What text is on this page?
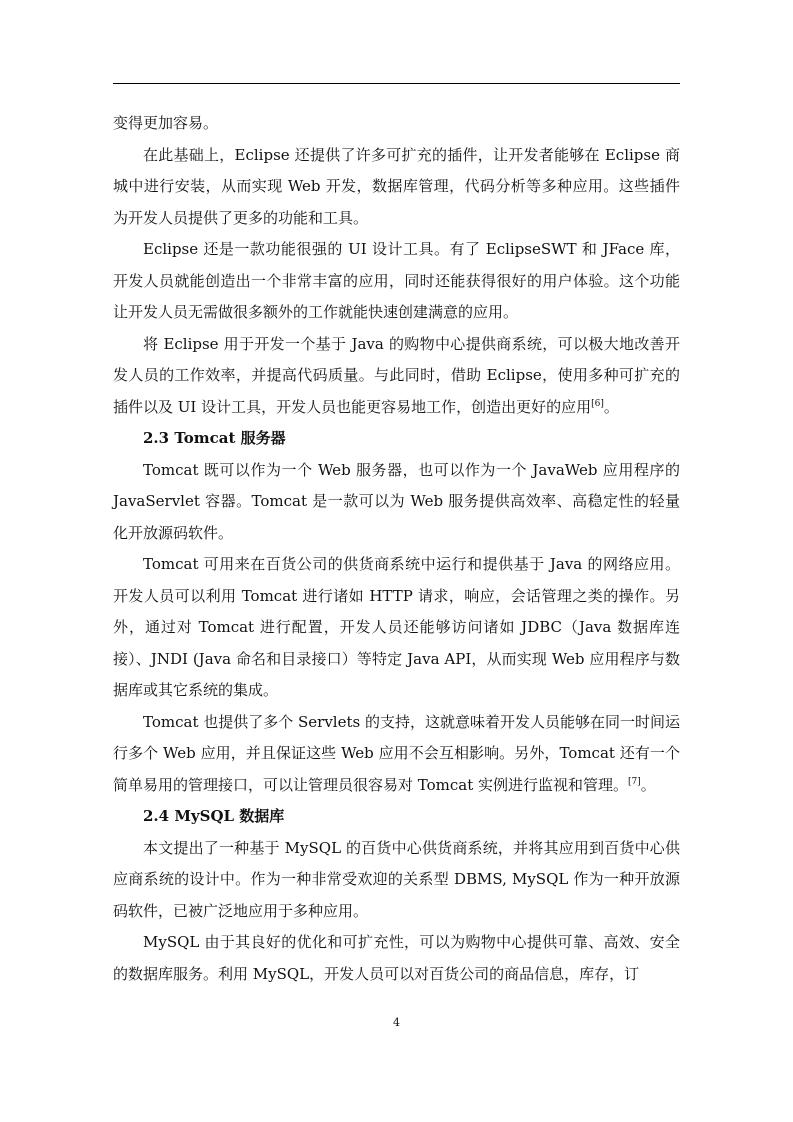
变得更加容易。

在此基础上，Eclipse 还提供了许多可扩充的插件，让开发者能够在 Eclipse 商城中进行安装，从而实现 Web 开发，数据库管理，代码分析等多种应用。这些插件为开发人员提供了更多的功能和工具。

Eclipse 还是一款功能很强的 UI 设计工具。有了 EclipseSWT 和 JFace 库，开发人员就能创造出一个非常丰富的应用，同时还能获得很好的用户体验。这个功能让开发人员无需做很多额外的工作就能快速创建满意的应用。

将 Eclipse 用于开发一个基于 Java 的购物中心提供商系统，可以极大地改善开发人员的工作效率，并提高代码质量。与此同时，借助 Eclipse，使用多种可扩充的插件以及 UI 设计工具，开发人员也能更容易地工作，创造出更好的应用[6]。

2.3 Tomcat 服务器

Tomcat 既可以作为一个 Web 服务器，也可以作为一个 JavaWeb 应用程序的 JavaServlet 容器。Tomcat 是一款可以为 Web 服务提供高效率、高稳定性的轻量化开放源码软件。

Tomcat 可用来在百货公司的供货商系统中运行和提供基于 Java 的网络应用。开发人员可以利用 Tomcat 进行诸如 HTTP 请求，响应，会话管理之类的操作。另外，通过对 Tomcat 进行配置，开发人员还能够访问诸如 JDBC（Java 数据库连接）、JNDI (Java 命名和目录接口）等特定 Java API，从而实现 Web 应用程序与数据库或其它系统的集成。

Tomcat 也提供了多个 Servlets 的支持，这就意味着开发人员能够在同一时间运行多个 Web 应用，并且保证这些 Web 应用不会互相影响。另外，Tomcat 还有一个简单易用的管理接口，可以让管理员很容易对 Tomcat 实例进行监视和管理。[7]。

2.4 MySQL 数据库

本文提出了一种基于 MySQL 的百货中心供货商系统，并将其应用到百货中心供应商系统的设计中。作为一种非常受欢迎的关系型 DBMS, MySQL 作为一种开放源码软件，已被广泛地应用于多种应用。

MySQL 由于其良好的优化和可扩充性，可以为购物中心提供可靠、高效、安全的数据库服务。利用 MySQL，开发人员可以对百货公司的商品信息，库存，订

4
